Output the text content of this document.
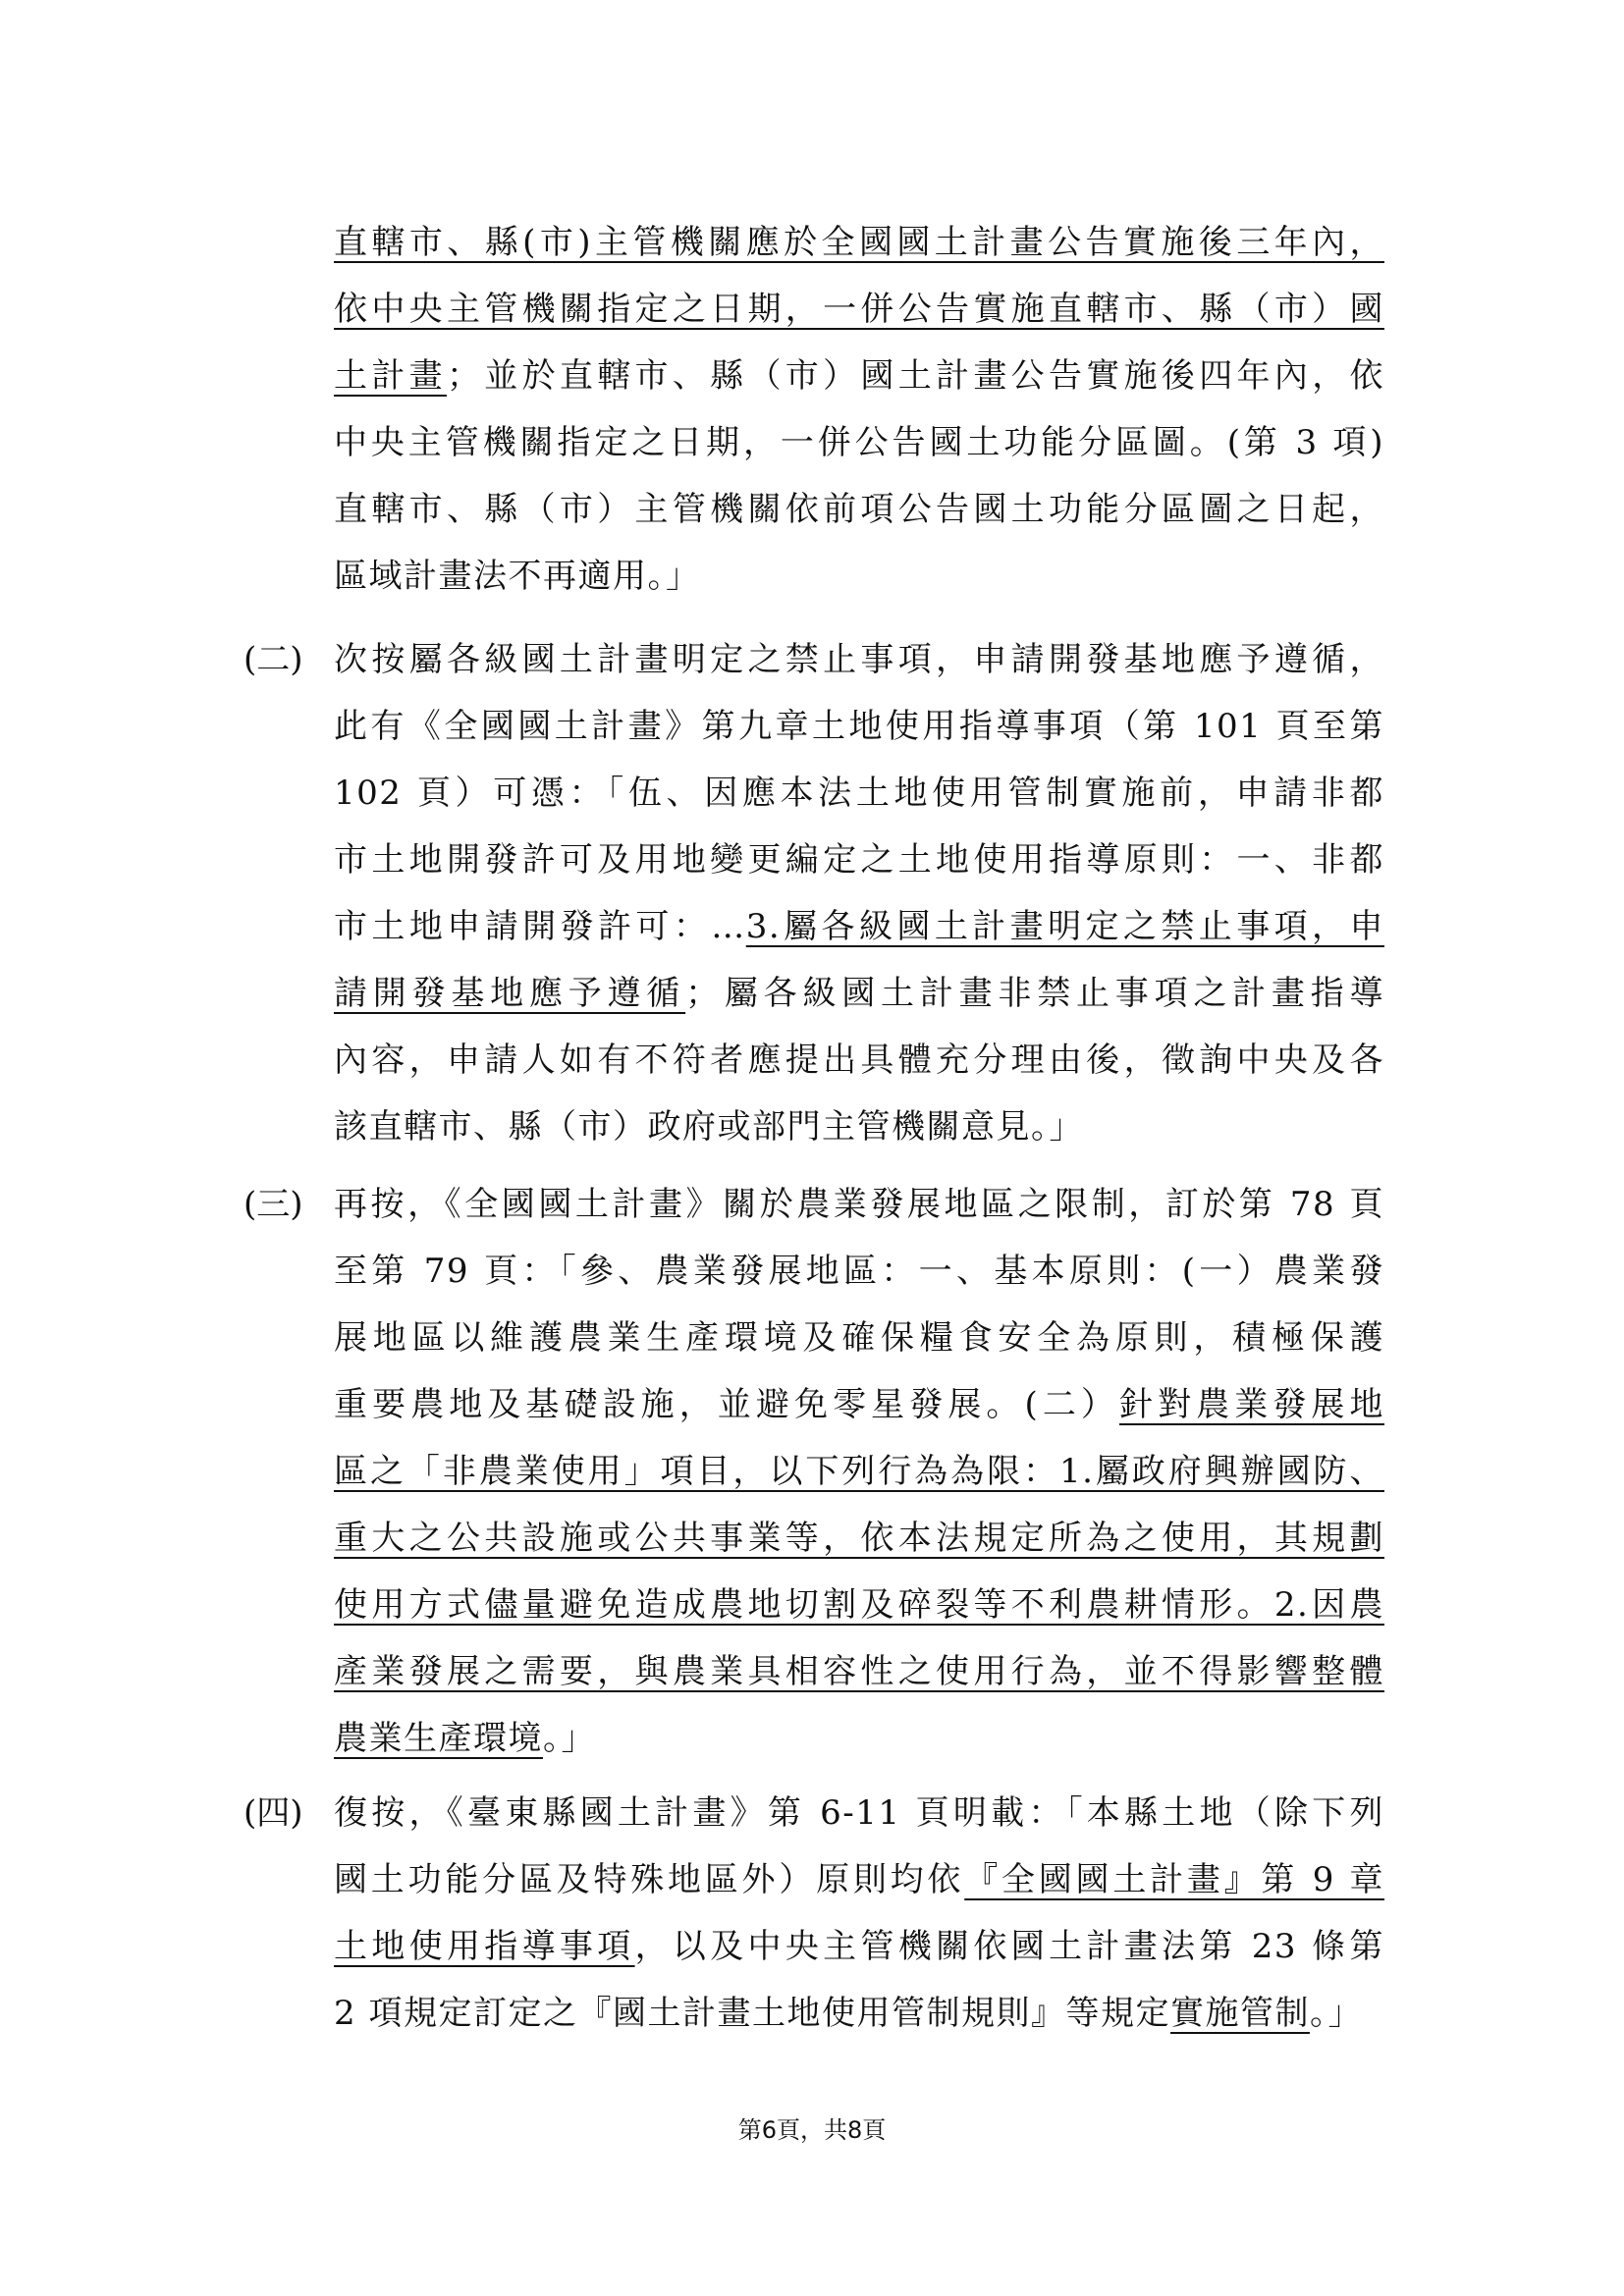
直轄市、縣(市)主管機關應於全國國土計畫公告實施後三年內，
依中央主管機關指定之日期，一併公告實施直轄市、縣（市）國
土計畫；並於直轄市、縣（市）國土計畫公告實施後四年內，依
中央主管機關指定之日期，一併公告國土功能分區圖。(第 3 項)
直轄市、縣（市）主管機關依前項公告國土功能分區圖之日起，
區域計畫法不再適用。」
(二) 次按屬各級國土計畫明定之禁止事項，申請開發基地應予遵循，
此有《全國國土計畫》第九章土地使用指導事項（第 101 頁至第
102 頁）可憑：「伍、因應本法土地使用管制實施前，申請非都
市土地開發許可及用地變更編定之土地使用指導原則：一、非都
市土地申請開發許可：…3.屬各級國土計畫明定之禁止事項，申
請開發基地應予遵循；屬各級國土計畫非禁止事項之計畫指導
內容，申請人如有不符者應提出具體充分理由後，徵詢中央及各
該直轄市、縣（市）政府或部門主管機關意見。」
(三) 再按，《全國國土計畫》關於農業發展地區之限制，訂於第 78 頁
至第 79 頁：「參、農業發展地區：一、基本原則：(一）農業發
展地區以維護農業生產環境及確保糧食安全為原則，積極保護
重要農地及基礎設施，並避免零星發展。(二）針對農業發展地
區之「非農業使用」項目，以下列行為為限：1.屬政府興辦國防、
重大之公共設施或公共事業等，依本法規定所為之使用，其規劃
使用方式儘量避免造成農地切割及碎裂等不利農耕情形。2.因農
產業發展之需要，與農業具相容性之使用行為，並不得影響整體
農業生產環境。」
(四) 復按，《臺東縣國土計畫》第 6-11 頁明載：「本縣土地（除下列
國土功能分區及特殊地區外）原則均依『全國國土計畫』第 9 章
土地使用指導事項，以及中央主管機關依國土計畫法第 23 條第
2 項規定訂定之『國土計畫土地使用管制規則』等規定實施管制。」
第6頁，共8頁
